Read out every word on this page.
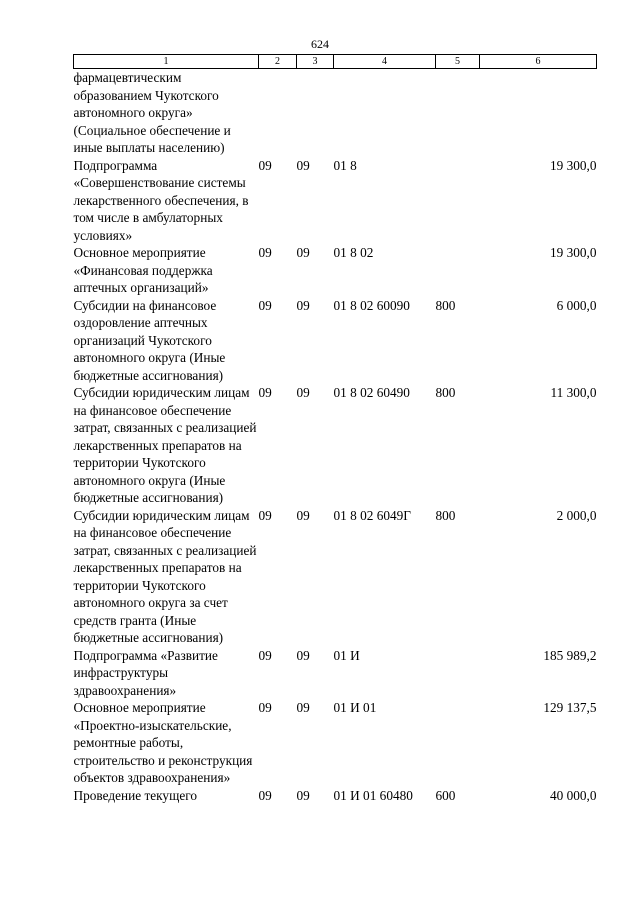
624
1	2	3	4	5	6
фармацевтическим образованием Чукотского автономного округа» (Социальное обеспечение и иные выплаты населению)					
Подпрограмма «Совершенствование системы лекарственного обеспечения, в том числе в амбулаторных условиях»	09	09	01 8		19 300,0
Основное мероприятие «Финансовая поддержка аптечных организаций»	09	09	01 8 02		19 300,0
Субсидии на финансовое оздоровление аптечных организаций Чукотского автономного округа (Иные бюджетные ассигнования)	09	09	01 8 02 60090	800	6 000,0
Субсидии юридическим лицам на финансовое обеспечение затрат, связанных с реализацией лекарственных препаратов на территории Чукотского автономного округа (Иные бюджетные ассигнования)	09	09	01 8 02 60490	800	11 300,0
Субсидии юридическим лицам на финансовое обеспечение затрат, связанных с реализацией лекарственных препаратов на территории Чукотского автономного округа за счет средств гранта (Иные бюджетные ассигнования)	09	09	01 8 02 6049Г	800	2 000,0
Подпрограмма «Развитие инфраструктуры здравоохранения»	09	09	01 И		185 989,2
Основное мероприятие «Проектно-изыскательские, ремонтные работы, строительство и реконструкция объектов здравоохранения»	09	09	01 И 01		129 137,5
Проведение текущего	09	09	01 И 01 60480	600	40 000,0
